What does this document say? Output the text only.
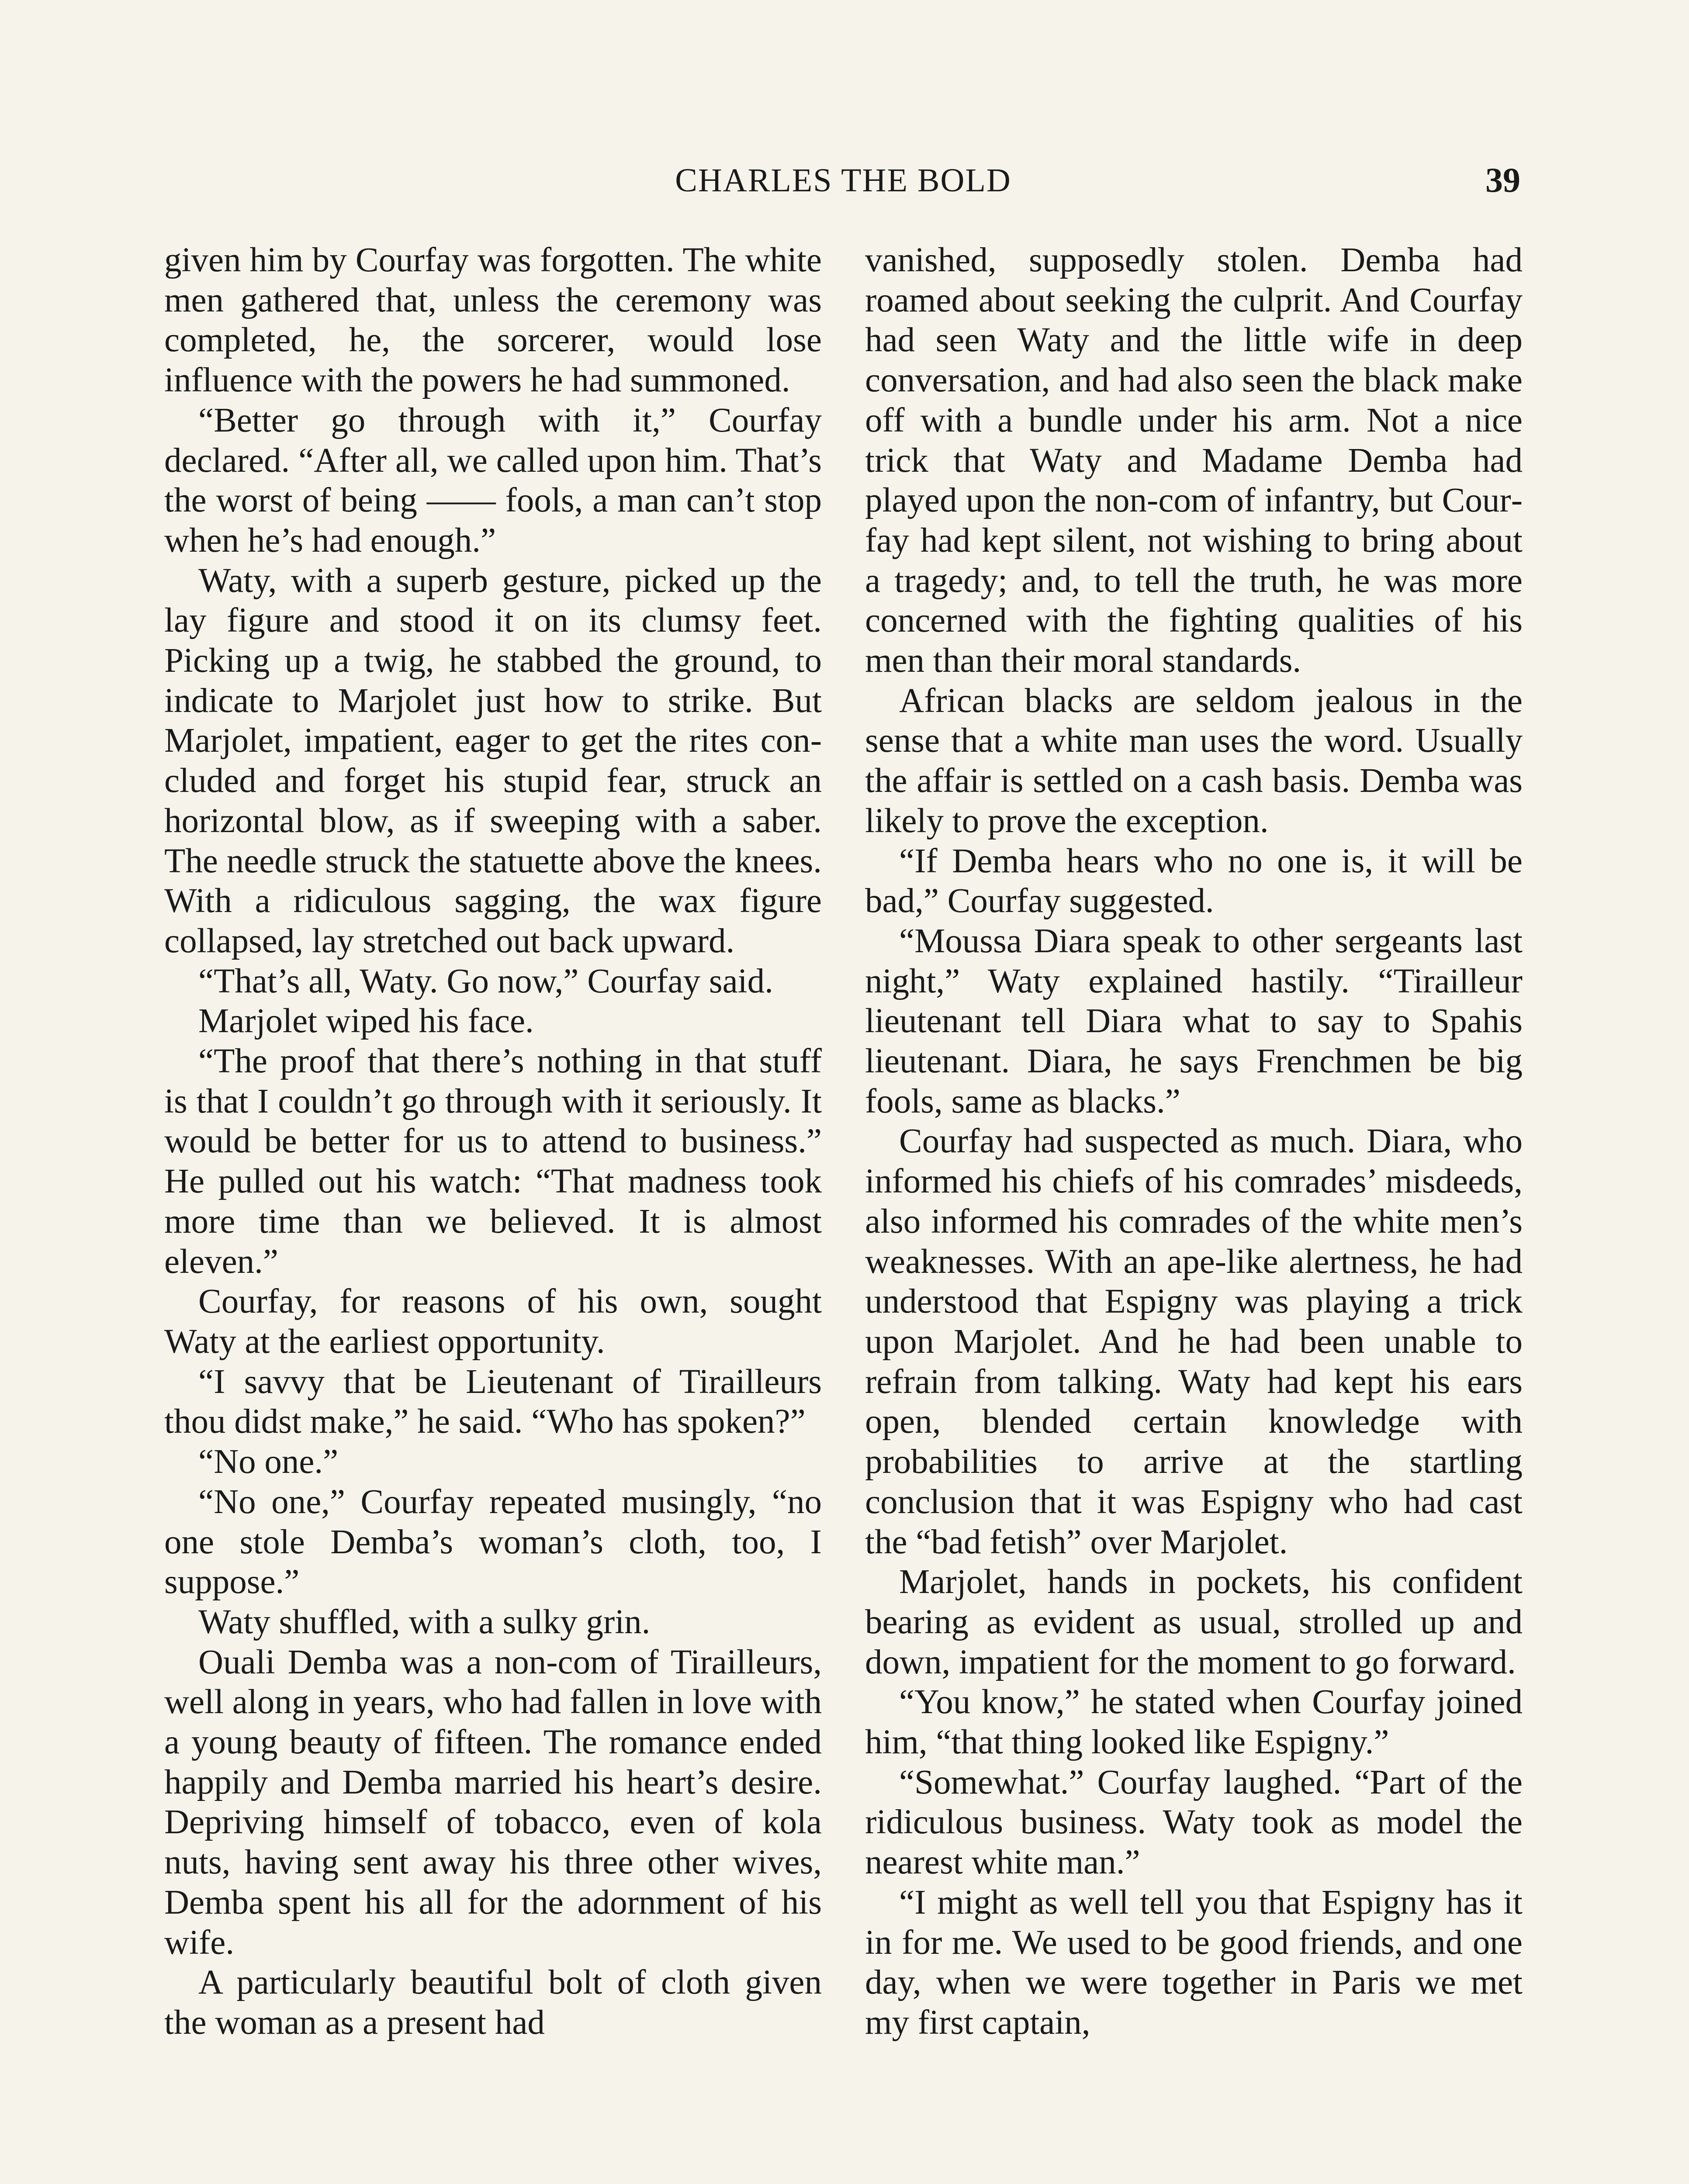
CHARLES THE BOLD	39

given him by Courfay was forgotten. The white men gathered that, unless the ceremony was completed, he, the sorcerer, would lose influence with the powers he had summoned.

“Better go through with it,” Courfay declared. “After all, we called upon him. That’s the worst of being —— fools, a man can’t stop when he’s had enough.”

Waty, with a superb gesture, picked up the lay figure and stood it on its clumsy feet. Picking up a twig, he stabbed the ground, to indicate to Marjolet just how to strike. But Marjolet, impatient, eager to get the rites concluded and forget his stupid fear, struck an horizontal blow, as if sweeping with a saber. The needle struck the statuette above the knees. With a ridiculous sagging, the wax figure collapsed, lay stretched out back upward.

“That’s all, Waty. Go now,” Courfay said.

Marjolet wiped his face.

“The proof that there’s nothing in that stuff is that I couldn’t go through with it seriously. It would be better for us to attend to business.” He pulled out his watch: “That madness took more time than we believed. It is almost eleven.”

Courfay, for reasons of his own, sought Waty at the earliest opportunity.

“I savvy that be Lieutenant of Tirailleurs thou didst make,” he said. “Who has spoken?”

“No one.”

“No one,” Courfay repeated musingly, “no one stole Demba’s woman’s cloth, too, I suppose.”

Waty shuffled, with a sulky grin.

Ouali Demba was a non-com of Tirailleurs, well along in years, who had fallen in love with a young beauty of fifteen. The romance ended happily and Demba married his heart’s desire. Depriving himself of tobacco, even of kola nuts, having sent away his three other wives, Demba spent his all for the adornment of his wife.

A particularly beautiful bolt of cloth given the woman as a present had

vanished, supposedly stolen. Demba had roamed about seeking the culprit. And Courfay had seen Waty and the little wife in deep conversation, and had also seen the black make off with a bundle under his arm. Not a nice trick that Waty and Madame Demba had played upon the non-com of infantry, but Courfay had kept silent, not wishing to bring about a tragedy; and, to tell the truth, he was more concerned with the fighting qualities of his men than their moral standards.

African blacks are seldom jealous in the sense that a white man uses the word. Usually the affair is settled on a cash basis. Demba was likely to prove the exception.

“If Demba hears who no one is, it will be bad,” Courfay suggested.

“Moussa Diara speak to other sergeants last night,” Waty explained hastily. “Tirailleur lieutenant tell Diara what to say to Spahis lieutenant. Diara, he says Frenchmen be big fools, same as blacks.”

Courfay had suspected as much. Diara, who informed his chiefs of his comrades’ misdeeds, also informed his comrades of the white men’s weaknesses. With an ape-like alertness, he had understood that Espigny was playing a trick upon Marjolet. And he had been unable to refrain from talking. Waty had kept his ears open, blended certain knowledge with probabilities to arrive at the startling conclusion that it was Espigny who had cast the “bad fetish” over Marjolet.

Marjolet, hands in pockets, his confident bearing as evident as usual, strolled up and down, impatient for the moment to go forward.

“You know,” he stated when Courfay joined him, “that thing looked like Espigny.”

“Somewhat.” Courfay laughed. “Part of the ridiculous business. Waty took as model the nearest white man.”

“I might as well tell you that Espigny has it in for me. We used to be good friends, and one day, when we were together in Paris we met my first captain,
